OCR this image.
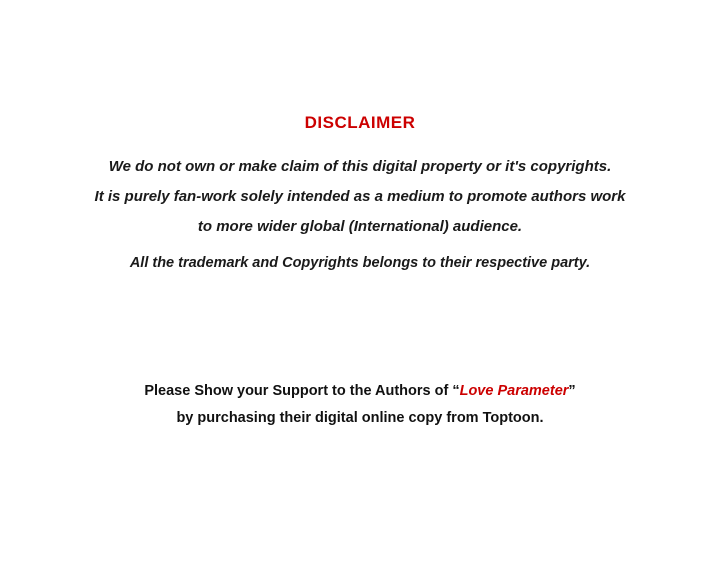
DISCLAIMER
We do not own or make claim of this digital property or it's copyrights.
It is purely fan-work solely intended as a medium to promote authors work
to more wider global (International) audience.
All the trademark and Copyrights belongs to their respective party.
Please Show your Support to the Authors of “Love Parameter”
by purchasing their digital online copy from Toptoon.
